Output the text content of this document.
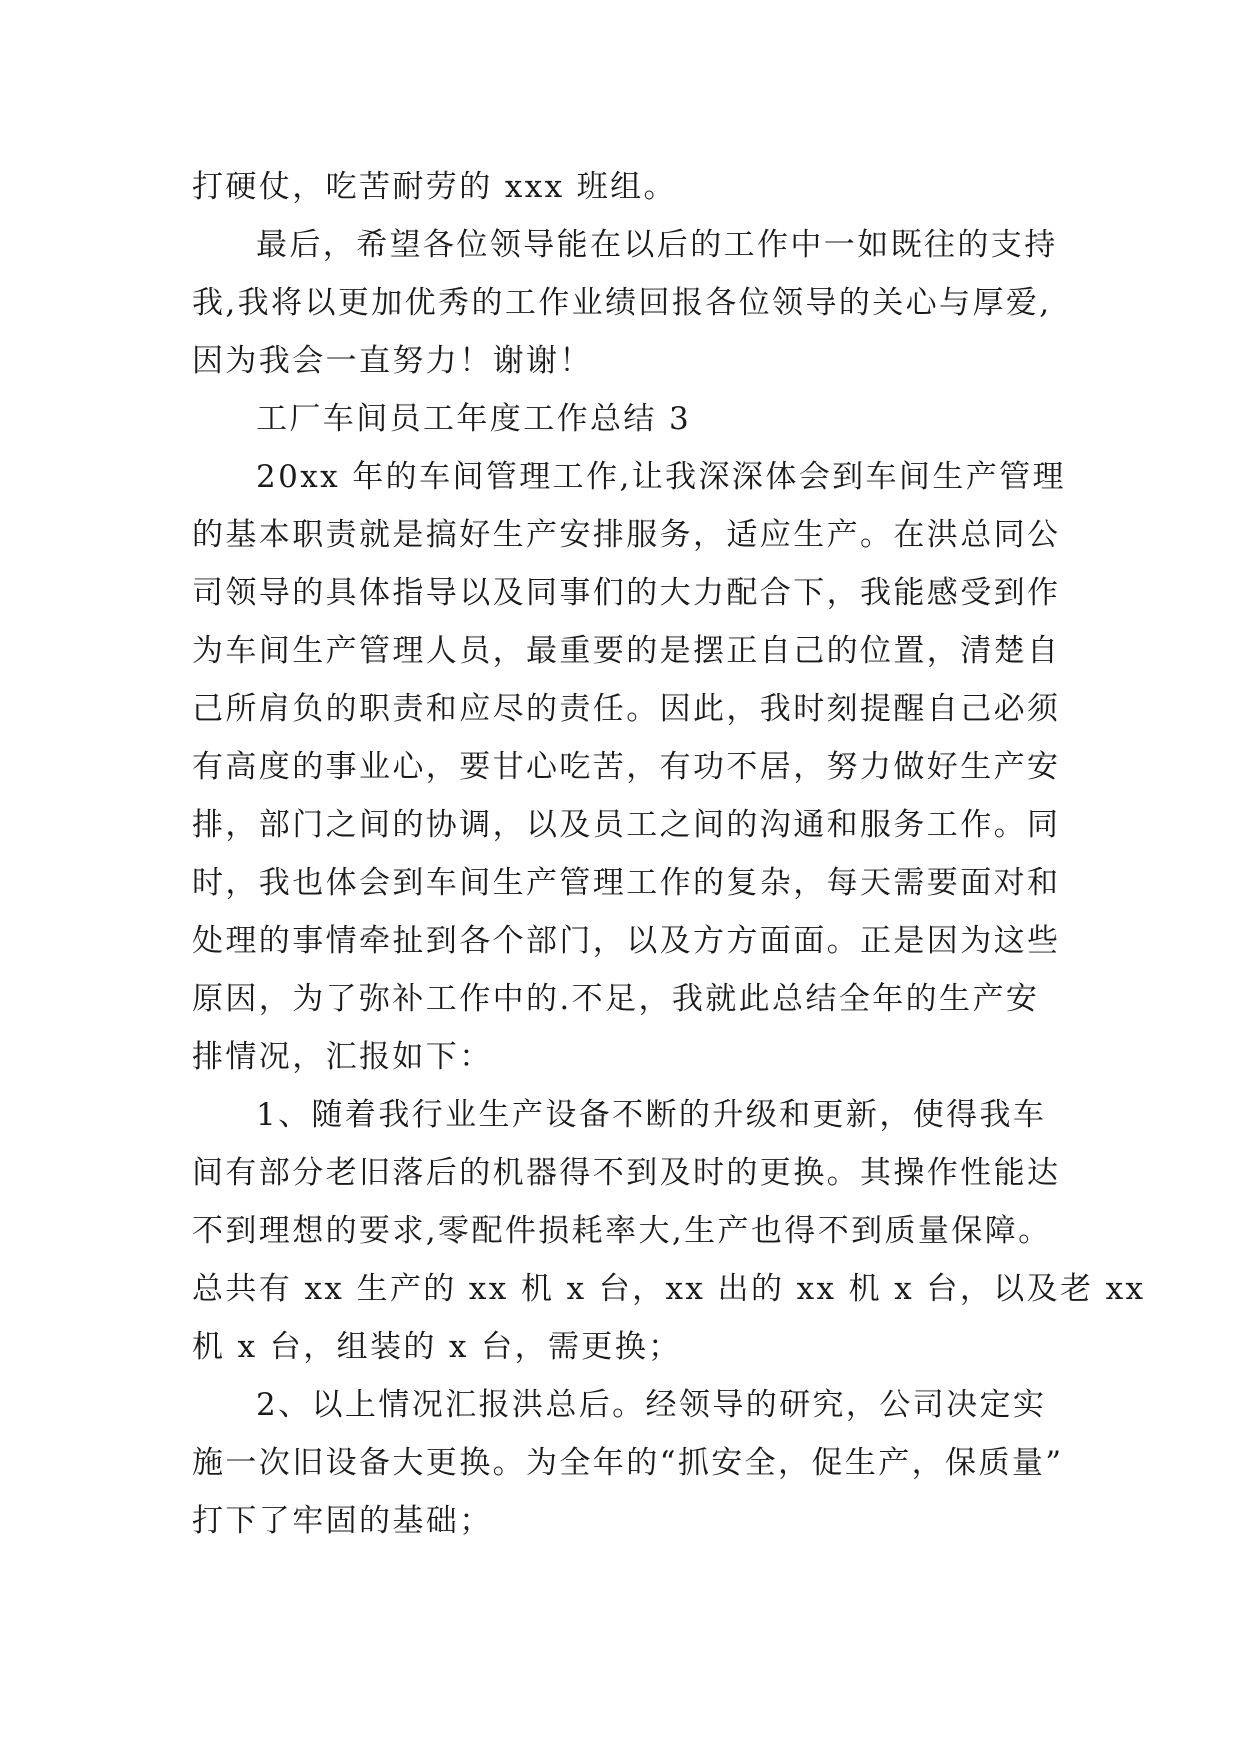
打硬仗，吃苦耐劳的 xxx 班组。
最后，希望各位领导能在以后的工作中一如既往的支持
我,我将以更加优秀的工作业绩回报各位领导的关心与厚爱,
因为我会一直努力！谢谢！
工厂车间员工年度工作总结 3
20xx 年的车间管理工作,让我深深体会到车间生产管理
的基本职责就是搞好生产安排服务，适应生产。在洪总同公
司领导的具体指导以及同事们的大力配合下，我能感受到作
为车间生产管理人员，最重要的是摆正自己的位置，清楚自
己所肩负的职责和应尽的责任。因此，我时刻提醒自己必须
有高度的事业心，要甘心吃苦，有功不居，努力做好生产安
排，部门之间的协调，以及员工之间的沟通和服务工作。同
时，我也体会到车间生产管理工作的复杂，每天需要面对和
处理的事情牵扯到各个部门，以及方方面面。正是因为这些
原因，为了弥补工作中的.不足，我就此总结全年的生产安
排情况，汇报如下：
1、随着我行业生产设备不断的升级和更新，使得我车
间有部分老旧落后的机器得不到及时的更换。其操作性能达
不到理想的要求,零配件损耗率大,生产也得不到质量保障。
总共有 xx 生产的 xx 机 x 台，xx 出的 xx 机 x 台，以及老 xx
机 x 台，组装的 x 台，需更换；
2、以上情况汇报洪总后。经领导的研究，公司决定实
施一次旧设备大更换。为全年的“抓安全，促生产，保质量”
打下了牢固的基础；
